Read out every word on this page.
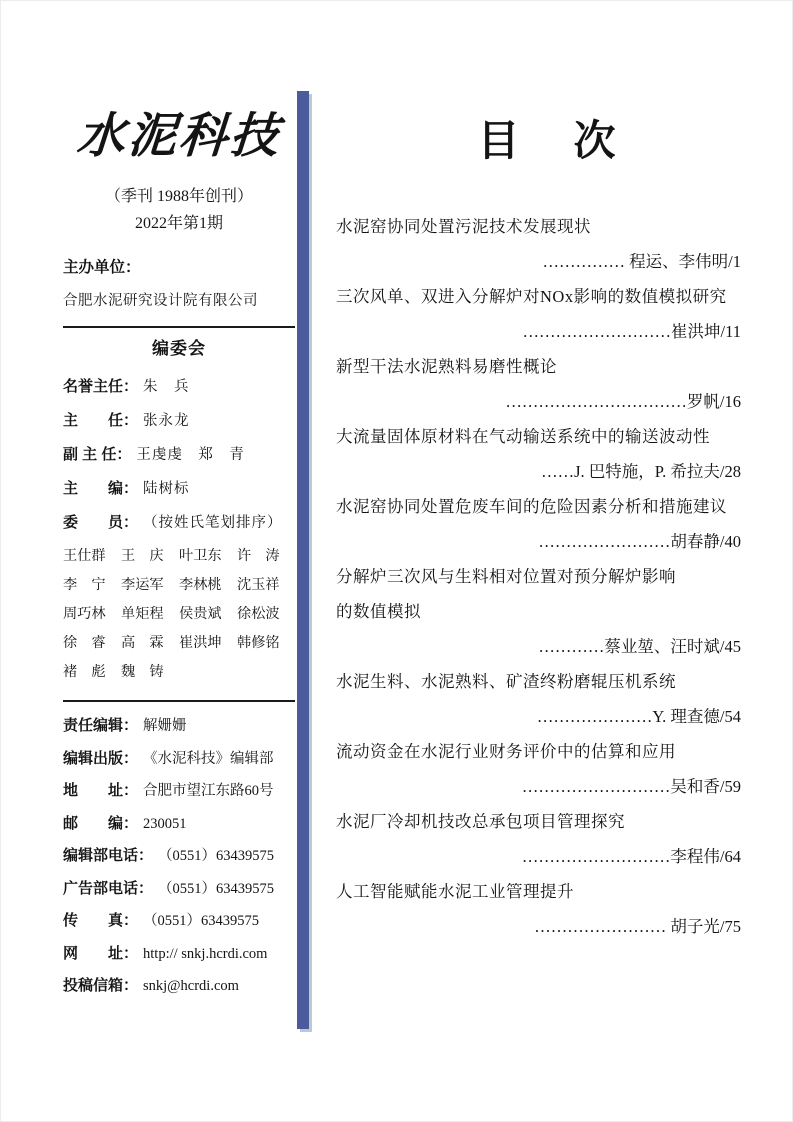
水泥科技
（季刊 1988年创刊）
2022年第1期
主办单位：
合肥水泥研究设计院有限公司
编委会
名誉主任： 朱　兵
主　　任： 张永龙
副 主 任： 王虔虔　郑　青
主　　编： 陆树标
委　　员： （按姓氏笔划排序）
王仕群	王　庆	叶卫东	许　涛
李　宁	李运军	李林桃	沈玉祥
周巧林	单矩程	侯贵斌	徐松波
徐　睿	高　霖	崔洪坤	韩修铭
褚　彪	魏　铸
责任编辑： 解姗姗
编辑出版： 《水泥科技》编辑部
地　　址： 合肥市望江东路60号
邮　　编： 230051
编辑部电话： （0551）63439575
广告部电话： （0551）63439575
传　　真： （0551）63439575
网　　址： http:// snkj.hcrdi.com
投稿信箱： snkj@hcrdi.com
目　次
水泥窑协同处置污泥技术发展现状
…………… 程运、李伟明/1
三次风单、双进入分解炉对NOx影响的数值模拟研究
………………………崔洪坤/11
新型干法水泥熟料易磨性概论
……………………………罗帆/16
大流量固体原材料在气动输送系统中的输送波动性
……J. 巴特施，P. 希拉夫/28
水泥窑协同处置危废车间的危险因素分析和措施建议
……………………胡春静/40
分解炉三次风与生料相对位置对预分解炉影响
的数值模拟
…………蔡业堃、汪时斌/45
水泥生料、水泥熟料、矿渣终粉磨辊压机系统
…………………Y. 理查德/54
流动资金在水泥行业财务评价中的估算和应用
………………………吴和香/59
水泥厂冷却机技改总承包项目管理探究
………………………李程伟/64
人工智能赋能水泥工业管理提升
…………………… 胡子光/75
